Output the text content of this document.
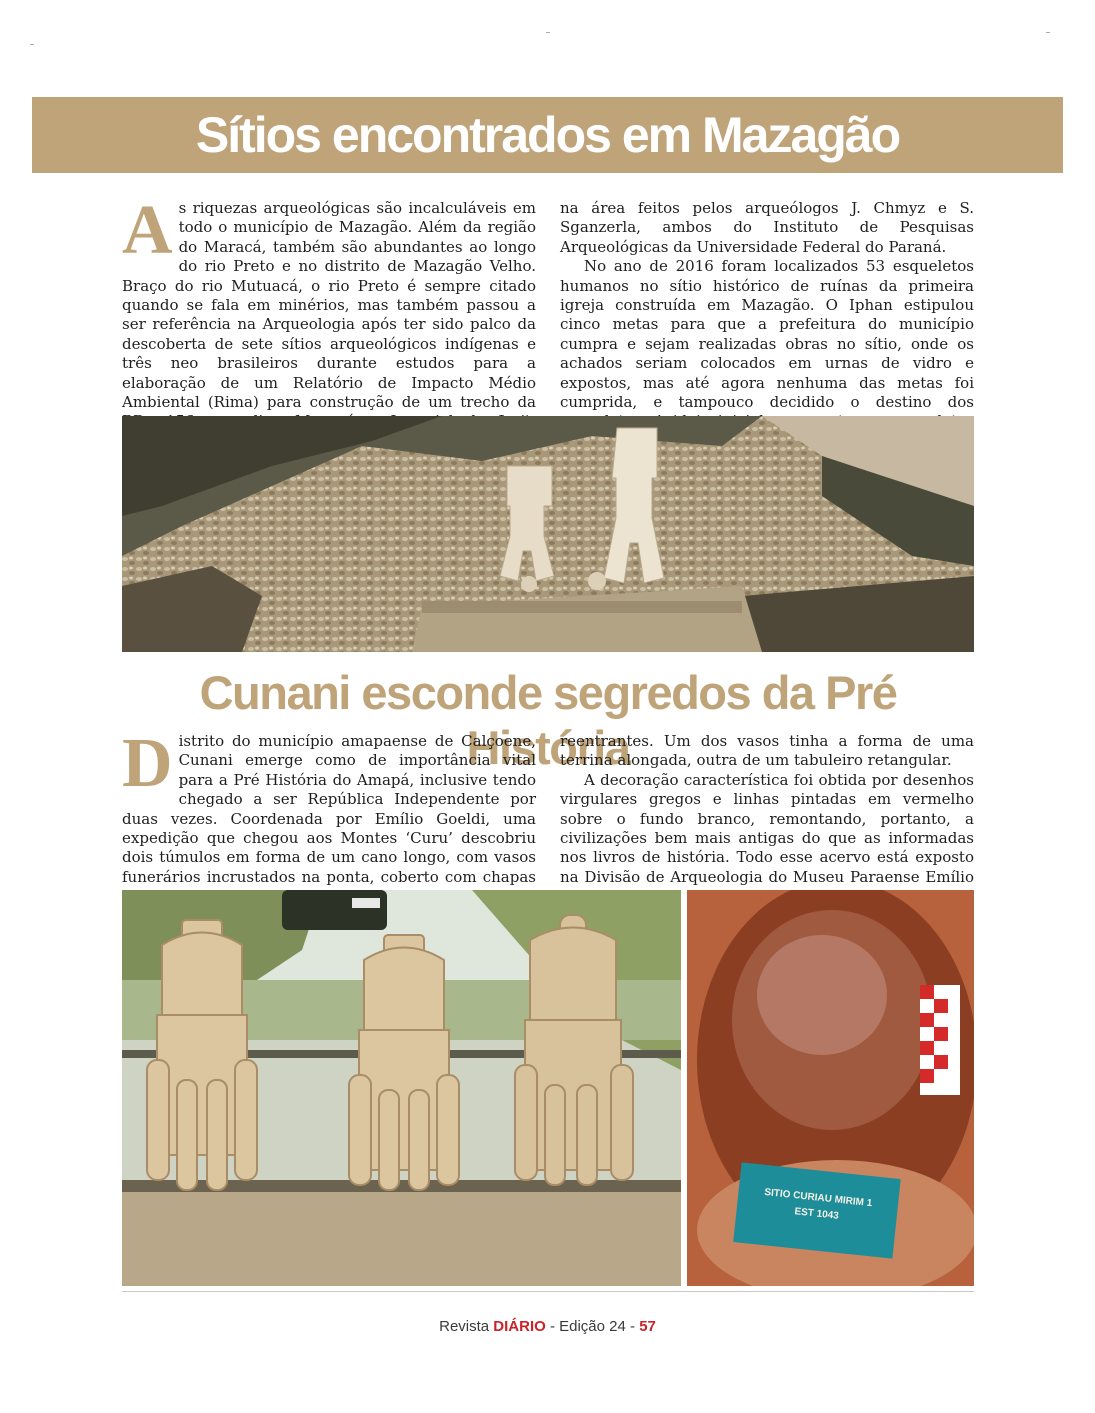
Sítios encontrados em Mazagão

As riquezas arqueológicas são incalculáveis em todo o município de Mazagão. Além da região do Maracá, também são abundantes ao longo do rio Preto e no distrito de Mazagão Velho. Braço do rio Mutuacá, o rio Preto é sempre citado quando se fala em minérios, mas também passou a ser referência na Arqueologia após ter sido palco da descoberta de sete sítios arqueológicos indígenas e três neo brasileiros durante estudos para a elaboração de um Relatório de Impacto Médio Ambiental (Rima) para construção de um trecho da

na área feitos pelos arqueólogos J. Chmyz e S. Sganzerla, ambos do Instituto de Pesquisas Arqueológicas da Universidade Federal do Paraná.

No ano de 2016 foram localizados 53 esqueletos humanos no sítio histórico de ruínas da primeira igreja construída em Mazagão. O Iphan estipulou cinco metas para que a prefeitura do município cumpra e sejam realizadas obras no sítio, onde os achados seriam colocados em urnas de vidro e expostos, mas até agora nenhuma das metas foi cumprida, e tampouco decidido o destino dos

Cunani esconde segredos da Pré História

Distrito do município amapaense de Calçoene, Cunani emerge como de importância vital para a Pré História do Amapá, inclusive tendo chegado a ser República Independente por duas vezes. Coordenada por Emílio Goeldi, uma expedição que chegou aos Montes ‘Curu’ descobriu dois túmulos em forma de um cano longo, com vasos funerários incrustados na ponta, coberto com chapas

reentrantes. Um dos vasos tinha a forma de uma terrina alongada, outra de um tabuleiro retangular.

A decoração característica foi obtida por desenhos virgulares gregos e linhas pintadas em vermelho sobre o fundo branco, remontando, portanto, a civilizações bem mais antigas do que as informadas nos livros de história. Todo esse acervo está exposto na Divisão de Arqueologia do Museu Paraense Emílio

SITIO CURIAU MIRIM 1
EST 1043
Revista DIÁRIO - Edição 24 - 57
